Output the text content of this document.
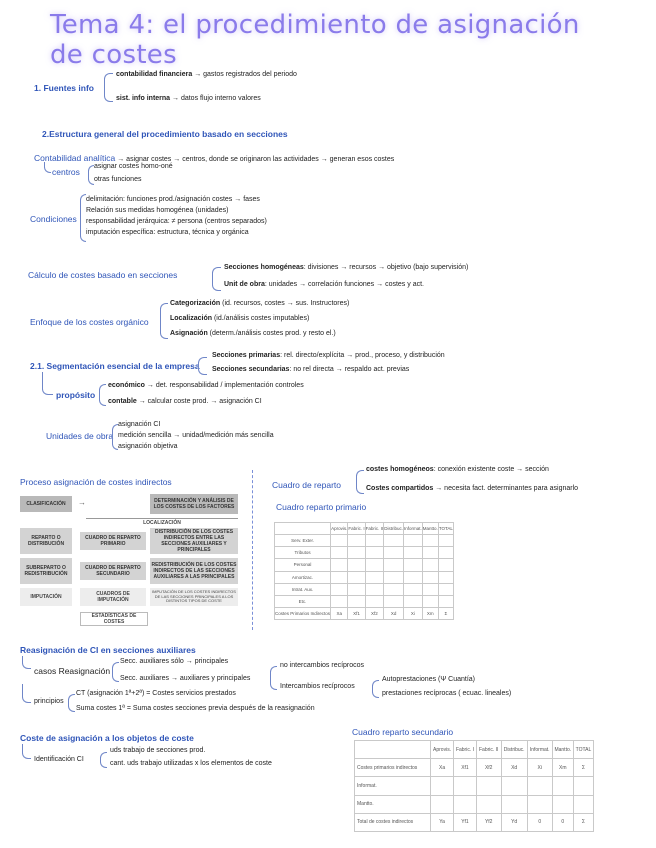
Tema 4: el procedimiento de asignación de costes
1. Fuentes info
contabilidad financiera → gastos registrados del periodo
sist. info interna → datos flujo interno valores
2.Estructura general del procedimiento basado en secciones
Contabilidad analítica → asignar costes → centros, donde se originaron las actividades → generan esos costes
centros
asignar costes homo-oné
otras funciones
Condiciones
delimitación: funciones prod./asignación costes → fases
Relación sus medidas homogénea (unidades)
responsabilidad jerárquica: ≠ persona (centros separados)
imputación específica: estructura, técnica y orgánica
Cálculo de costes basado en secciones
Secciones homogéneas: divisiones → recursos → objetivo (bajo supervisión)
Unit de obra: unidades → correlación funciones → costes y act.
Enfoque de los costes orgánico
Categorización (id. recursos, costes → sus. Instructores)
Localización (id./análisis costes imputables)
Asignación (determ./análisis costes prod. y resto el.)
2.1. Segmentación esencial de la empresa
Secciones primarias: rel. directo/explícita → prod., proceso, y distribución
Secciones secundarias: no rel directa → respaldo act. previas
propósito
económico → det. responsabilidad / implementación controles
contable → calcular coste prod. → asignación CI
Unidades de obra
asignación CI
medición sencilla → unidad/medición más sencilla
asignación objetiva
Proceso asignación de costes indirectos
CLASIFICACIÓN	→	DETERMINACIÓN Y ANÁLISIS DE LOS COSTES DE LOS FACTORES
LOCALIZACIÓN
REPARTO O DISTRIBUCIÓN
CUADRO DE REPARTO PRIMARIO
DISTRIBUCIÓN DE LOS COSTES INDIRECTOS ENTRE LAS SECCIONES AUXILIARES Y PRINCIPALES
SUBREPARTO O REDISTRIBUCIÓN
CUADRO DE REPARTO SECUNDARIO
REDISTRIBUCIÓN DE LOS COSTES INDIRECTOS DE LAS SECCIONES AUXILIARES A LAS PRINCIPALES
IMPUTACIÓN	CUADROS DE IMPUTACIÓN
IMPUTACIÓN DE LOS COSTES INDIRECTOS DE LAS SECCIONES PRINCIPALES A LOS DISTINTOS TIPOS DE COSTE
ESTADÍSTICAS DE COSTES
Cuadro de reparto
costes homogéneos: conexión existente coste → sección
Costes compartidos → necesita fact. determinantes para asignarlo
Cuadro reparto primario
	Aprovis.	Fabric. I	Fabric. II	Distribuc.	Informat.	Mantto.	TOTAL
Serv. Exter.							
Tributos							
Personal							
Amortizac.							
Intrat. Aux.							
Etc.							
Costes Primarios Indirectos	Xa	Xf1	Xf2	Xd	Xi	Xm	Σ
Reasignación de CI en secciones auxiliares
casos Reasignación
Secc. auxiliares sólo → principales
Secc. auxiliares → auxiliares y principales
no intercambios recíprocos
Intercambios recíprocos
Autoprestaciones (Ψ Cuantía)
prestaciones recíprocas ( ecuac. lineales)
principios
CT (asignación 1ª+2ª) = Costes servicios prestados
Suma costes 1ª = Suma costes secciones previa después de la reasignación
Coste de asignación a los objetos de coste
Identificación CI
uds trabajo de secciones prod.
cant. uds trabajo utilizadas x los elementos de coste
Cuadro reparto secundario
	Aprovis.	Fabric. I	Fabric. II	Distribuc.	Informat.	Mantto.	TOTAL
Costes primarios indirectos	Xa	Xf1	Xf2	Xd	Xi	Xm	Σ
Informat.							
Mantto.							
Total de costes indirectos	Ya	Yf1	Yf2	Yd	0	0	Σ
